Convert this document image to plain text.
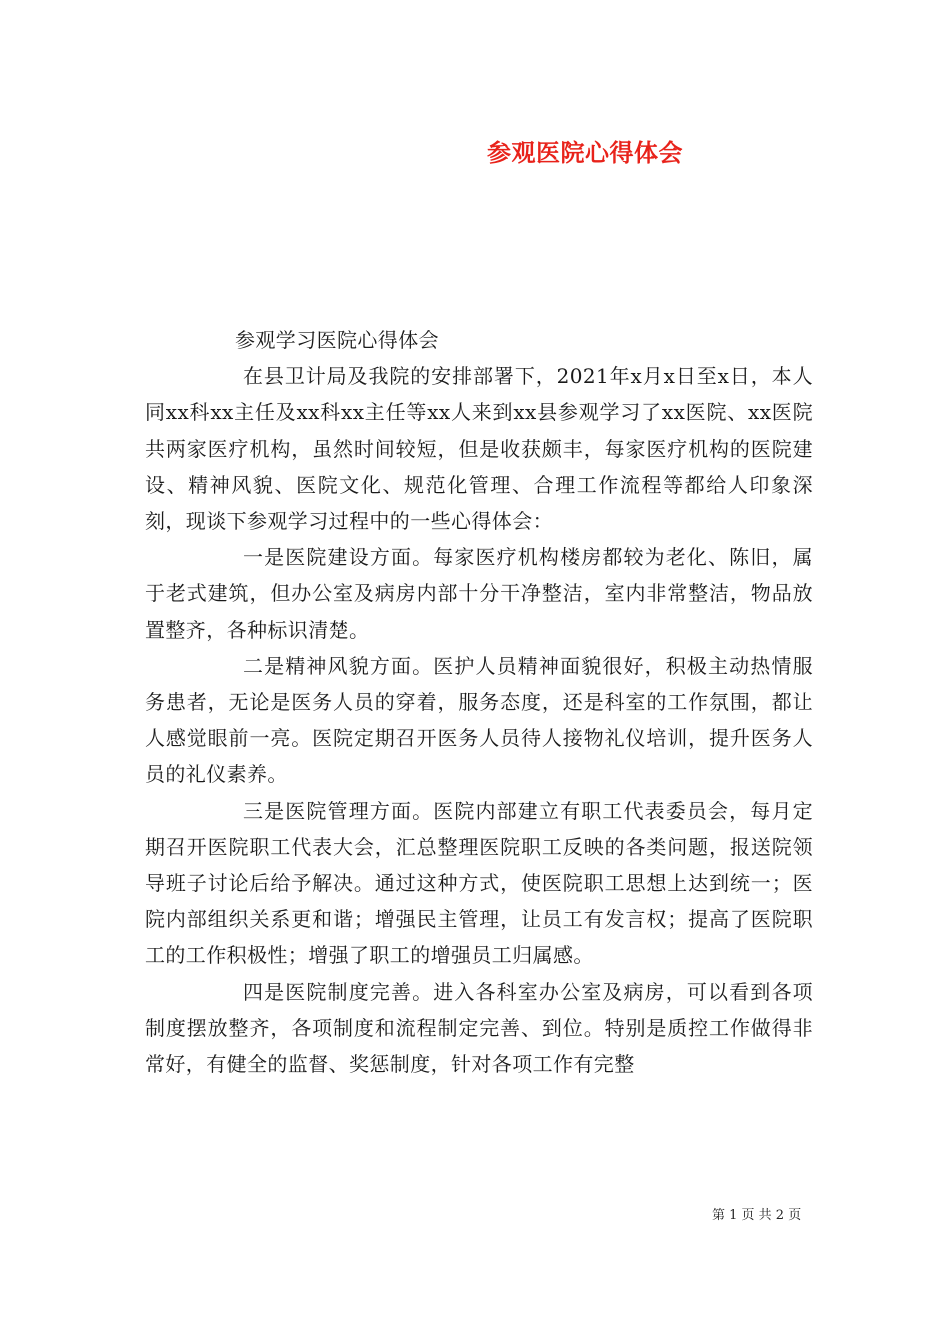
参观医院心得体会

参观学习医院心得体会

在县卫计局及我院的安排部署下，2021年x月x日至x日，本人同xx科xx主任及xx科xx主任等xx人来到xx县参观学习了xx医院、xx医院共两家医疗机构，虽然时间较短，但是收获颇丰，每家医疗机构的医院建设、精神风貌、医院文化、规范化管理、合理工作流程等都给人印象深刻，现谈下参观学习过程中的一些心得体会：

一是医院建设方面。每家医疗机构楼房都较为老化、陈旧，属于老式建筑，但办公室及病房内部十分干净整洁，室内非常整洁，物品放置整齐，各种标识清楚。

二是精神风貌方面。医护人员精神面貌很好，积极主动热情服务患者，无论是医务人员的穿着，服务态度，还是科室的工作氛围，都让人感觉眼前一亮。医院定期召开医务人员待人接物礼仪培训，提升医务人员的礼仪素养。

三是医院管理方面。医院内部建立有职工代表委员会，每月定期召开医院职工代表大会，汇总整理医院职工反映的各类问题，报送院领导班子讨论后给予解决。通过这种方式，使医院职工思想上达到统一；医院内部组织关系更和谐；增强民主管理，让员工有发言权；提高了医院职工的工作积极性；增强了职工的增强员工归属感。

四是医院制度完善。进入各科室办公室及病房，可以看到各项制度摆放整齐，各项制度和流程制定完善、到位。特别是质控工作做得非常好，有健全的监督、奖惩制度，针对各项工作有完整

第 1 页 共 2 页
